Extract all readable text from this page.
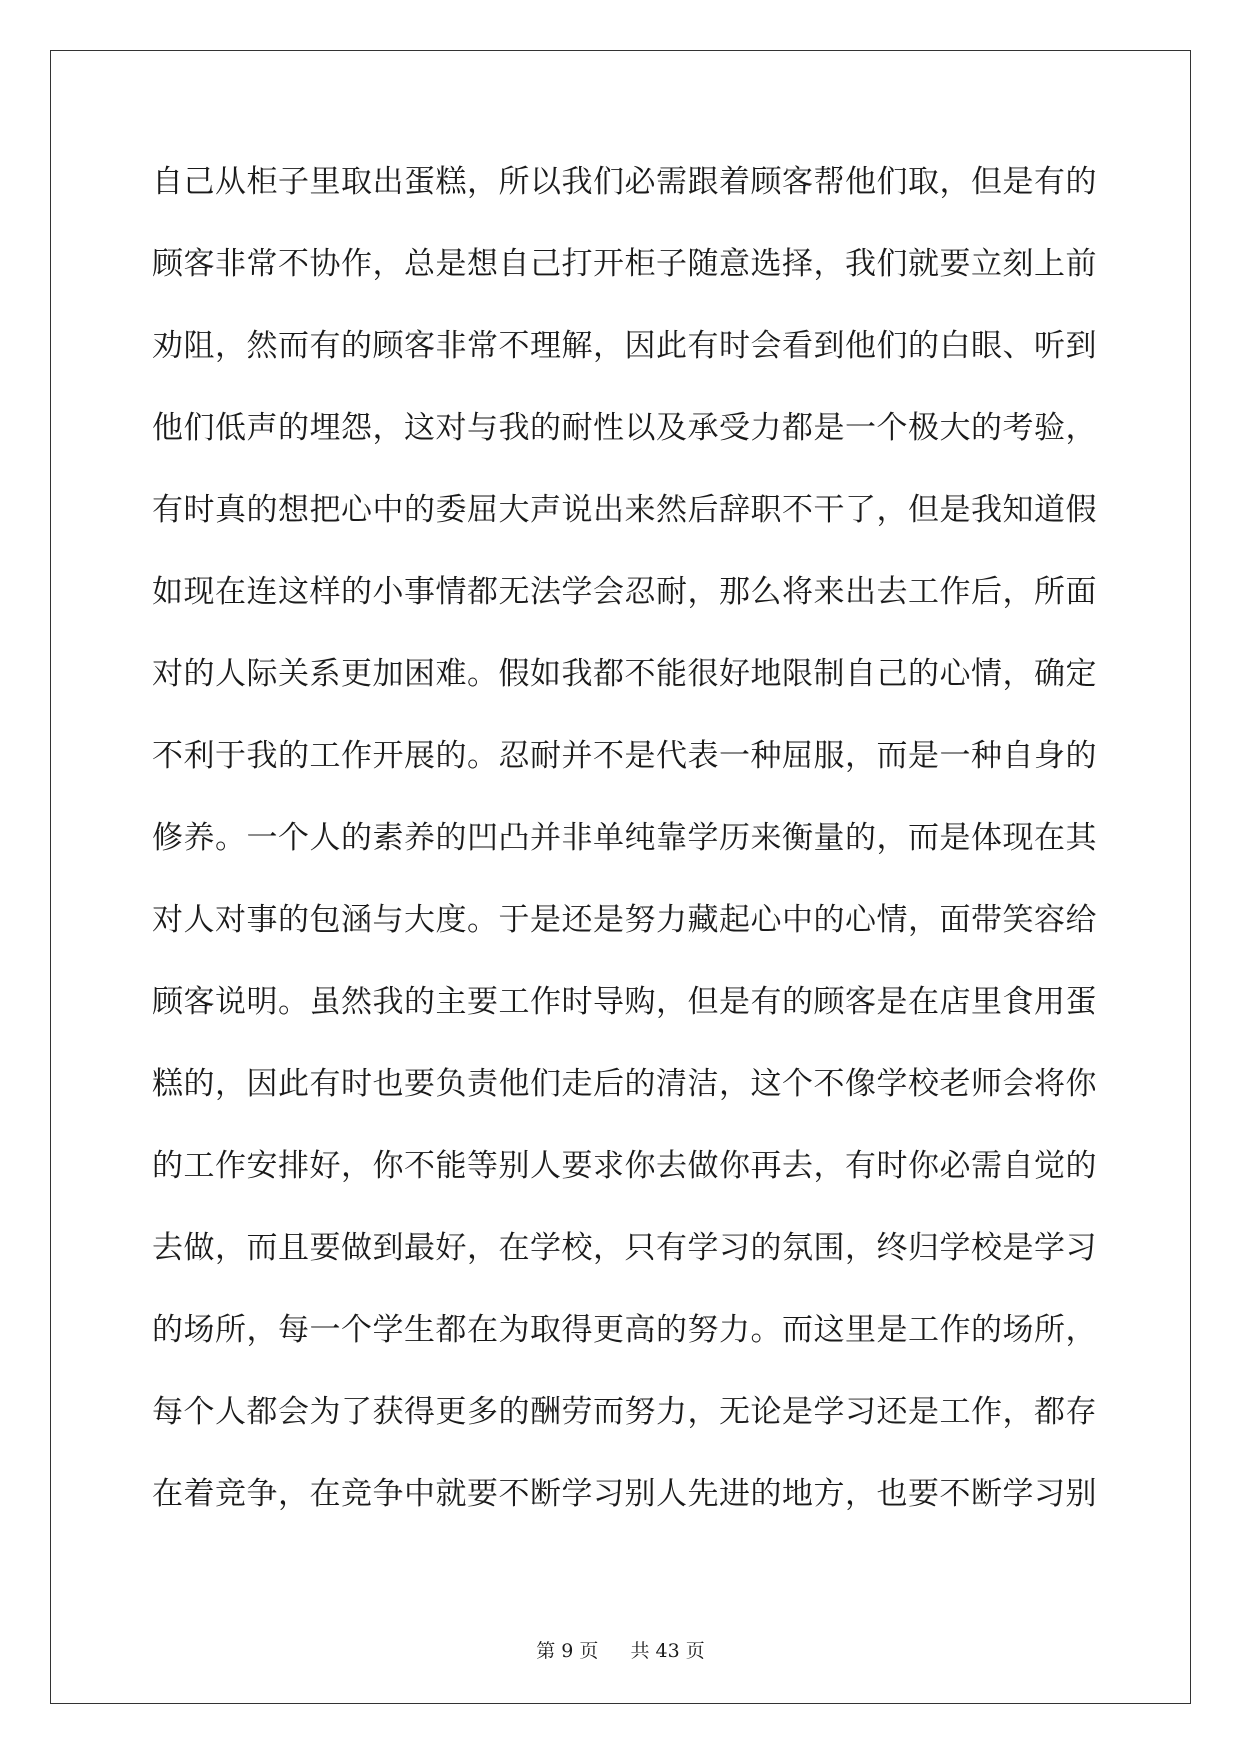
自己从柜子里取出蛋糕，所以我们必需跟着顾客帮他们取，但是有的
顾客非常不协作，总是想自己打开柜子随意选择，我们就要立刻上前
劝阻，然而有的顾客非常不理解，因此有时会看到他们的白眼、听到
他们低声的埋怨，这对与我的耐性以及承受力都是一个极大的考验，
有时真的想把心中的委屈大声说出来然后辞职不干了，但是我知道假
如现在连这样的小事情都无法学会忍耐，那么将来出去工作后，所面
对的人际关系更加困难。假如我都不能很好地限制自己的心情，确定
不利于我的工作开展的。忍耐并不是代表一种屈服，而是一种自身的
修养。一个人的素养的凹凸并非单纯靠学历来衡量的，而是体现在其
对人对事的包涵与大度。于是还是努力藏起心中的心情，面带笑容给
顾客说明。虽然我的主要工作时导购，但是有的顾客是在店里食用蛋
糕的，因此有时也要负责他们走后的清洁，这个不像学校老师会将你
的工作安排好，你不能等别人要求你去做你再去，有时你必需自觉的
去做，而且要做到最好，在学校，只有学习的氛围，终归学校是学习
的场所，每一个学生都在为取得更高的努力。而这里是工作的场所，
每个人都会为了获得更多的酬劳而努力，无论是学习还是工作，都存
在着竞争，在竞争中就要不断学习别人先进的地方，也要不断学习别
第 9 页 共 43 页
